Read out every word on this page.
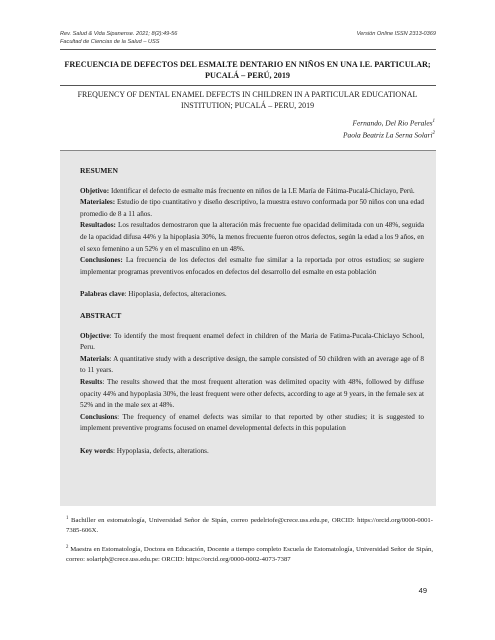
Rev. Salud & Vida Sipanense. 2021; 8(2):49-56
Facultad de Ciencias de la Salud – USS
Versión Online ISSN 2313-0369
FRECUENCIA DE DEFECTOS DEL ESMALTE DENTARIO EN NIÑOS EN UNA I.E. PARTICULAR; PUCALÁ – PERÚ, 2019
FREQUENCY OF DENTAL ENAMEL DEFECTS IN CHILDREN IN A PARTICULAR EDUCATIONAL INSTITUTION; PUCALÁ – PERU, 2019
Fernando, Del Rio Perales$^1$
Paola Beatriz La Serna Solari$^2$

RESUMEN

Objetivo: Identificar el defecto de esmalte más frecuente en niños de la I.E María de Fátima-Pucalá-Chiclayo, Perú.

Materiales: Estudio de tipo cuantitativo y diseño descriptivo, la muestra estuvo conformada por 50 niños con una edad promedio de 8 a 11 años.

Resultados: Los resultados demostraron que la alteración más frecuente fue opacidad delimitada con un 48%, seguida de la opacidad difusa 44% y la hipoplasia 30%, la menos frecuente fueron otros defectos, según la edad a los 9 años, en el sexo femenino a un 52% y en el masculino en un 48%.

Conclusiones: La frecuencia de los defectos del esmalte fue similar a la reportada por otros estudios; se sugiere implementar programas preventivos enfocados en defectos del desarrollo del esmalte en esta población

Palabras clave: Hipoplasia, defectos, alteraciones.

ABSTRACT

Objective: To identify the most frequent enamel defect in children of the Maria de Fatima-Pucala-Chiclayo School, Peru.

Materials: A quantitative study with a descriptive design, the sample consisted of 50 children with an average age of 8 to 11 years.

Results: The results showed that the most frequent alteration was delimited opacity with 48%, followed by diffuse opacity 44% and hypoplasia 30%, the least frequent were other defects, according to age at 9 years, in the female sex at 52% and in the male sex at 48%.

Conclusions: The frequency of enamel defects was similar to that reported by other studies; it is suggested to implement preventive programs focused on enamel developmental defects in this population

Key words: Hypoplasia, defects, alterations.

$^1$ Bachiller en estomatología, Universidad Señor de Sipán, correo pedelriofe@crece.uss.edu.pe, ORCID: https://orcid.org/0000-0001-7385-606X.

$^2$ Maestra en Estomatología, Doctora en Educación, Docente a tiempo completo Escuela de Estomatología, Universidad Señor de Sipán, correo: solaripb@crece.uss.edu.pe: ORCID: https://orcid.org/0000-0002-4073-7387

49
